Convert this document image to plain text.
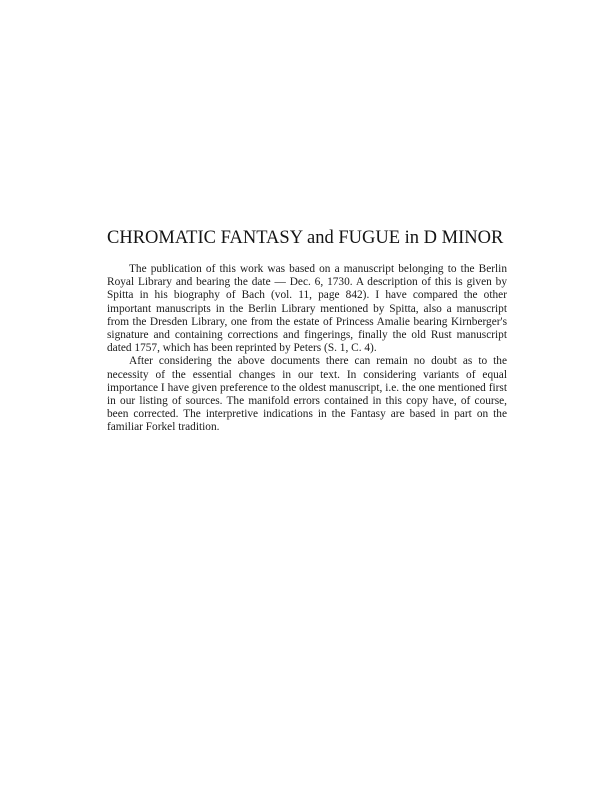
CHROMATIC FANTASY and FUGUE in D MINOR

The publication of this work was based on a manuscript belonging to the Berlin Royal Library and bearing the date — Dec. 6, 1730. A description of this is given by Spitta in his biography of Bach (vol. 11, page 842). I have compared the other important manuscripts in the Berlin Library mentioned by Spitta, also a manuscript from the Dresden Library, one from the estate of Princess Amalie bearing Kirnberger's signature and containing corrections and fingerings, finally the old Rust manuscript dated 1757, which has been reprinted by Peters (S. 1, C. 4).

After considering the above documents there can remain no doubt as to the necessity of the essential changes in our text. In considering variants of equal importance I have given preference to the oldest manuscript, i.e. the one mentioned first in our listing of sources. The manifold errors contained in this copy have, of course, been corrected. The interpretive indications in the Fantasy are based in part on the familiar Forkel tradition.
